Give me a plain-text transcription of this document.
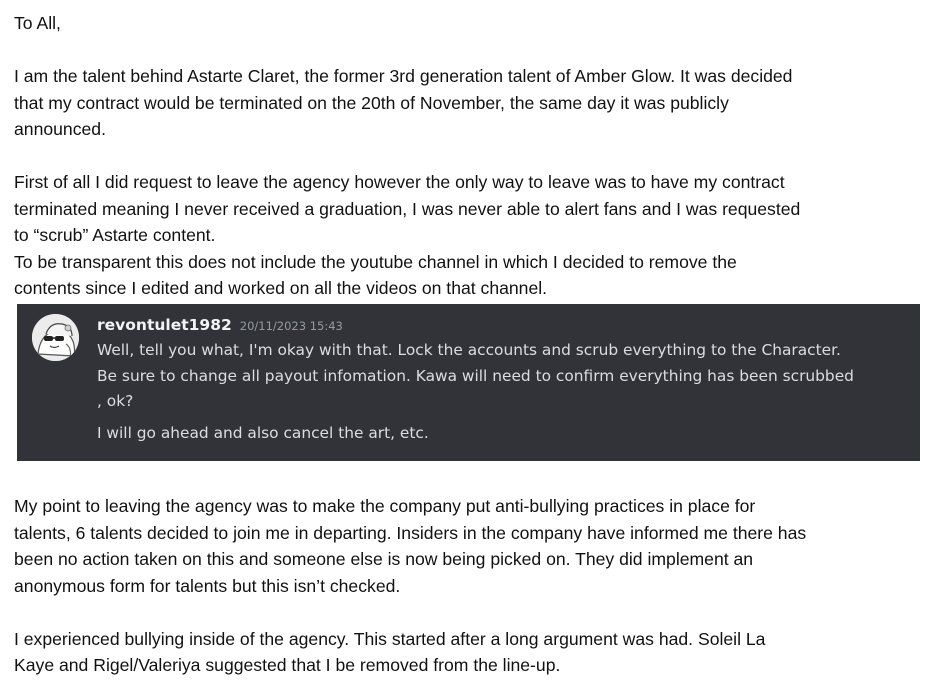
To All,

I am the talent behind Astarte Claret, the former 3rd generation talent of Amber Glow. It was decided
that my contract would be terminated on the 20th of November, the same day it was publicly
announced.

First of all I did request to leave the agency however the only way to leave was to have my contract
terminated meaning I never received a graduation, I was never able to alert fans and I was requested
to “scrub” Astarte content.
To be transparent this does not include the youtube channel in which I decided to remove the
contents since I edited and worked on all the videos on that channel.

revontulet1982 20/11/2023 15:43
Well, tell you what, I'm okay with that. Lock the accounts and scrub everything to the Character.
Be sure to change all payout infomation. Kawa will need to confirm everything has been scrubbed
, ok?
I will go ahead and also cancel the art, etc.

My point to leaving the agency was to make the company put anti-bullying practices in place for
talents, 6 talents decided to join me in departing. Insiders in the company have informed me there has
been no action taken on this and someone else is now being picked on. They did implement an
anonymous form for talents but this isn’t checked.

I experienced bullying inside of the agency. This started after a long argument was had. Soleil La
Kaye and Rigel/Valeriya suggested that I be removed from the line-up.
